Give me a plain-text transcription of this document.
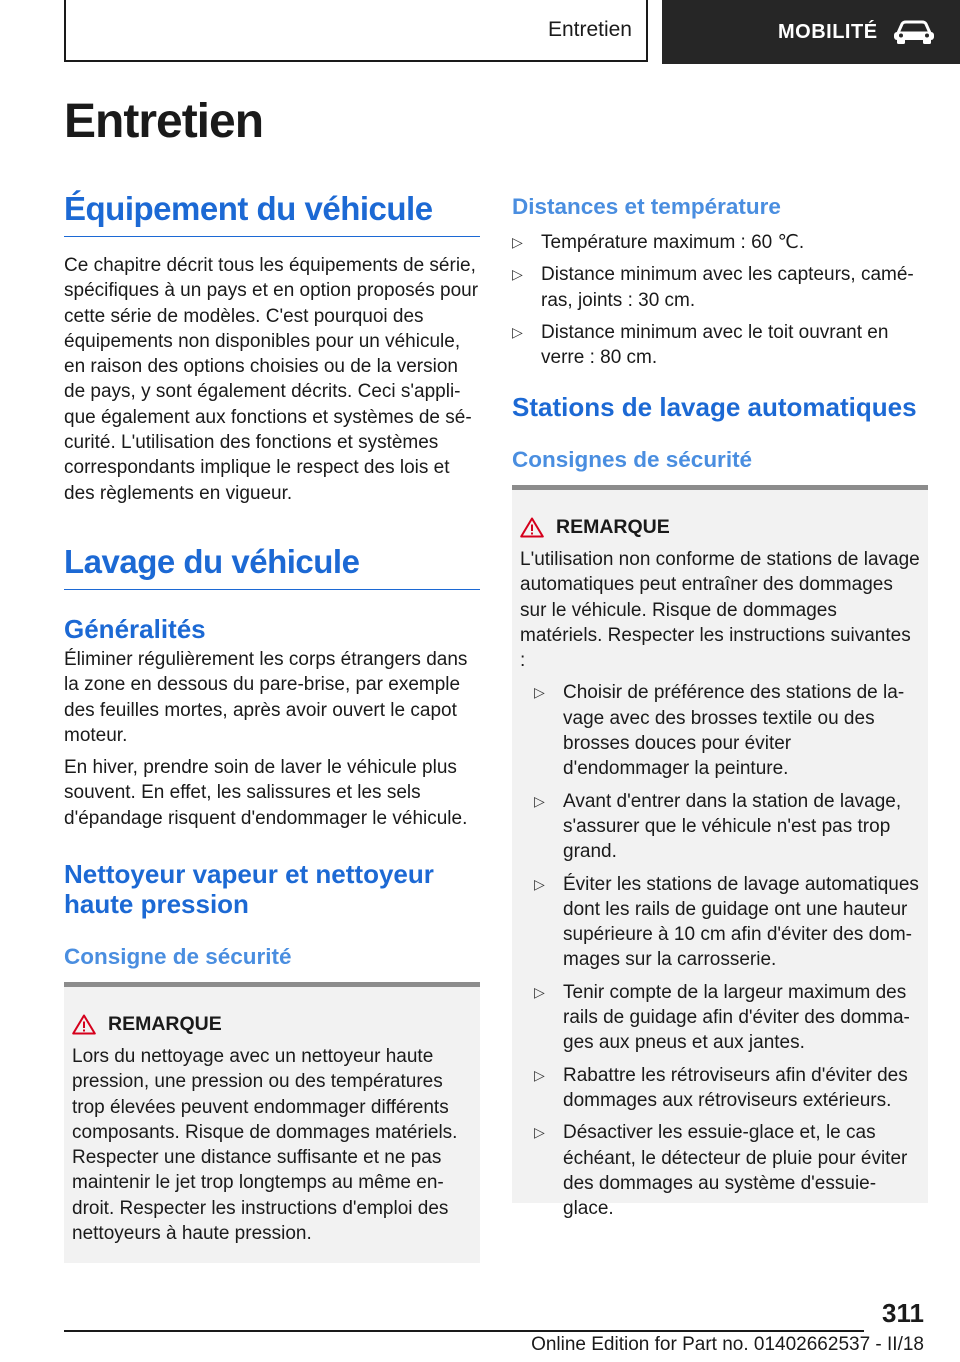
Entretien	MOBILITÉ
Entretien
Équipement du véhicule

Ce chapitre décrit tous les équipements de série, spécifiques à un pays et en option proposés pour cette série de modèles. C'est pourquoi des équipements non disponibles pour un véhicule, en raison des options choisies ou de la version de pays, y sont également décrits. Ceci s'applique également aux fonctions et systèmes de sécurité. L'utilisation des fonctions et systèmes correspondants implique le respect des lois et des règlements en vigueur.

Lavage du véhicule
Généralités

Éliminer régulièrement les corps étrangers dans la zone en dessous du pare-brise, par exemple des feuilles mortes, après avoir ouvert le capot moteur.

En hiver, prendre soin de laver le véhicule plus souvent. En effet, les salissures et les sels d'épandage risquent d'endommager le véhicule.

Nettoyeur vapeur et nettoyeur haute pression
Consigne de sécurité
REMARQUE

Lors du nettoyage avec un nettoyeur haute pression, une pression ou des températures trop élevées peuvent endommager différents composants. Risque de dommages matériels. Respecter une distance suffisante et ne pas maintenir le jet trop longtemps au même endroit. Respecter les instructions d'emploi des nettoyeurs à haute pression.

Distances et température
▷ Température maximum : 60 ℃.
▷ Distance minimum avec les capteurs, caméras, joints : 30 cm.
▷ Distance minimum avec le toit ouvrant en verre : 80 cm.
Stations de lavage automatiques
Consignes de sécurité
REMARQUE

L'utilisation non conforme de stations de lavage automatiques peut entraîner des dommages sur le véhicule. Risque de dommages matériels. Respecter les instructions suivantes :

▷ Choisir de préférence des stations de lavage avec des brosses textile ou des brosses douces pour éviter d'endommager la peinture.
▷ Avant d'entrer dans la station de lavage, s'assurer que le véhicule n'est pas trop grand.
▷ Éviter les stations de lavage automatiques dont les rails de guidage ont une hauteur supérieure à 10 cm afin d'éviter des dommages sur la carrosserie.
▷ Tenir compte de la largeur maximum des rails de guidage afin d'éviter des dommages aux pneus et aux jantes.
▷ Rabattre les rétroviseurs afin d'éviter des dommages aux rétroviseurs extérieurs.
▷ Désactiver les essuie-glace et, le cas échéant, le détecteur de pluie pour éviter des dommages au système d'essuie-glace.
311
Online Edition for Part no. 01402662537 - II/18
